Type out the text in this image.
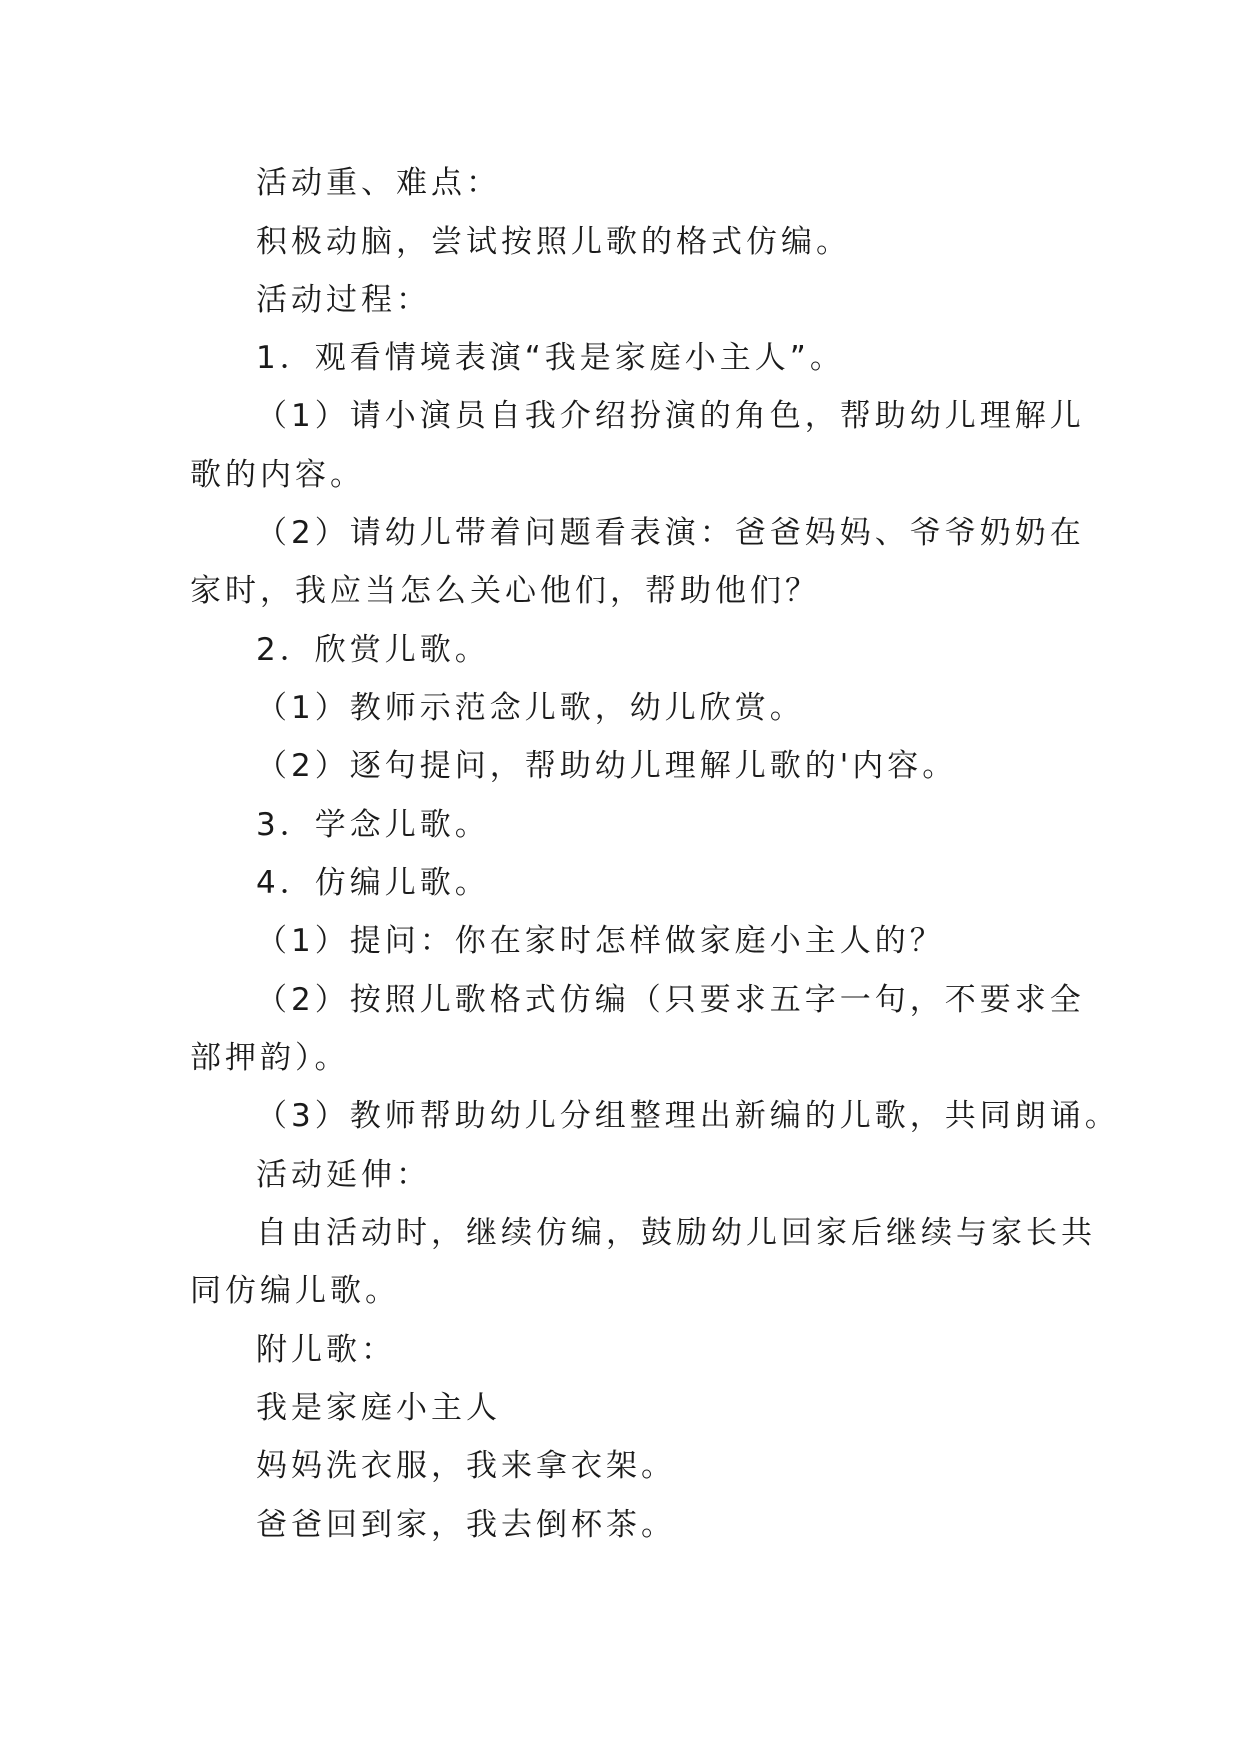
活动重、难点：
积极动脑，尝试按照儿歌的格式仿编。
活动过程：
1．观看情境表演“我是家庭小主人”。
（1）请小演员自我介绍扮演的角色，帮助幼儿理解儿
歌的内容。
（2）请幼儿带着问题看表演：爸爸妈妈、爷爷奶奶在
家时，我应当怎么关心他们，帮助他们？
2．欣赏儿歌。
（1）教师示范念儿歌，幼儿欣赏。
（2）逐句提问，帮助幼儿理解儿歌的'内容。
3．学念儿歌。
4．仿编儿歌。
（1）提问：你在家时怎样做家庭小主人的？
（2）按照儿歌格式仿编（只要求五字一句，不要求全
部押韵）。
（3）教师帮助幼儿分组整理出新编的儿歌，共同朗诵。
活动延伸：
自由活动时，继续仿编，鼓励幼儿回家后继续与家长共
同仿编儿歌。
附儿歌：
我是家庭小主人
妈妈洗衣服，我来拿衣架。
爸爸回到家，我去倒杯茶。
